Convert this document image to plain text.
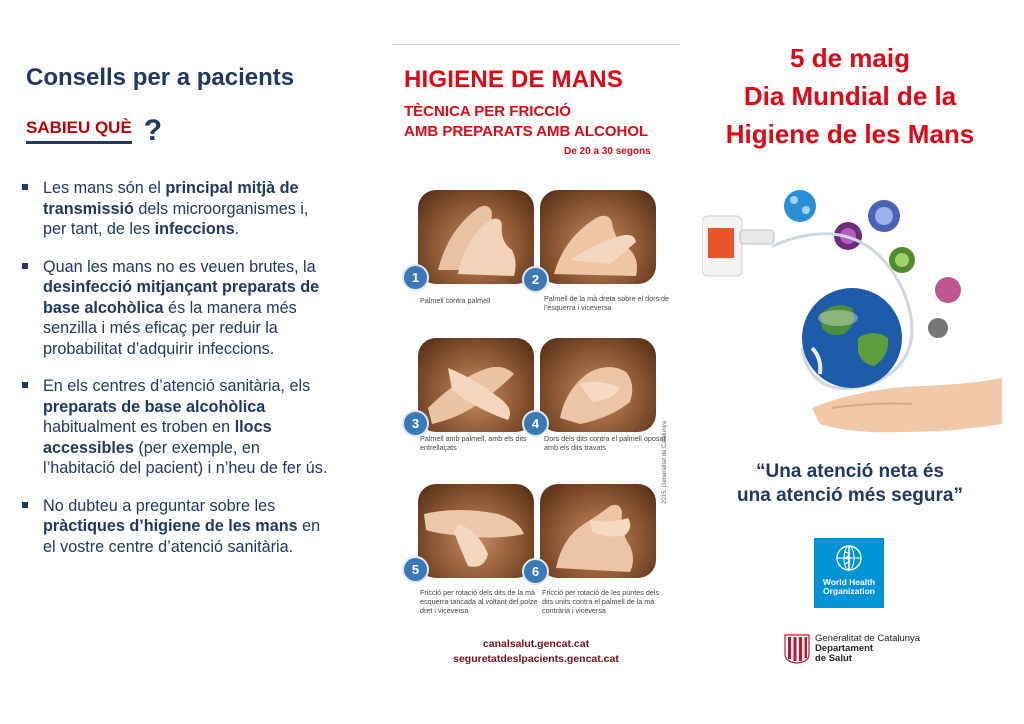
Consells per a pacients
SABIEU QUÈ ?
Les mans són el principal mitjà de transmissió dels microorganismes i, per tant, de les infeccions.
Quan les mans no es veuen brutes, la desinfecció mitjançant preparats de base alcohòlica és la manera més senzilla i més eficaç per reduir la probabilitat d’adquirir infeccions.
En els centres d’atenció sanitària, els preparats de base alcohòlica habitualment es troben en llocs accessibles (per exemple, en l’habitació del pacient) i n’heu de fer ús.
No dubteu a preguntar sobre les pràctiques d’higiene de les mans en el vostre centre d’atenció sanitària.
HIGIENE DE MANS
TÈCNICA PER FRICCIÓ
AMB PREPARATS AMB ALCOHOL
De 20 a 30 segons
1
Palmell contra palmell
2
Palmell de la mà dreta sobre el dors de l’esquerra i viceversa
3
Palmell amb palmell, amb els dits entrellaçats
4
Dors dels dits contra el palmell oposat amb els dits travats
5
Fricció per rotació dels dits de la mà esquerra tancada al voltant del polze dret i viceversa
6
Fricció per rotació de les puntes dels dits units contra el palmell de la mà contrària i viceversa
2015. Generalitat de Catalunya
canalsalut.gencat.cat
seguretatdeslpacients.gencat.cat
5 de maig
Dia Mundial de la
Higiene de les Mans
“Una atenció neta és
una atenció més segura”
World Health
Organization
Generalitat de Catalunya
Departament
de Salut
